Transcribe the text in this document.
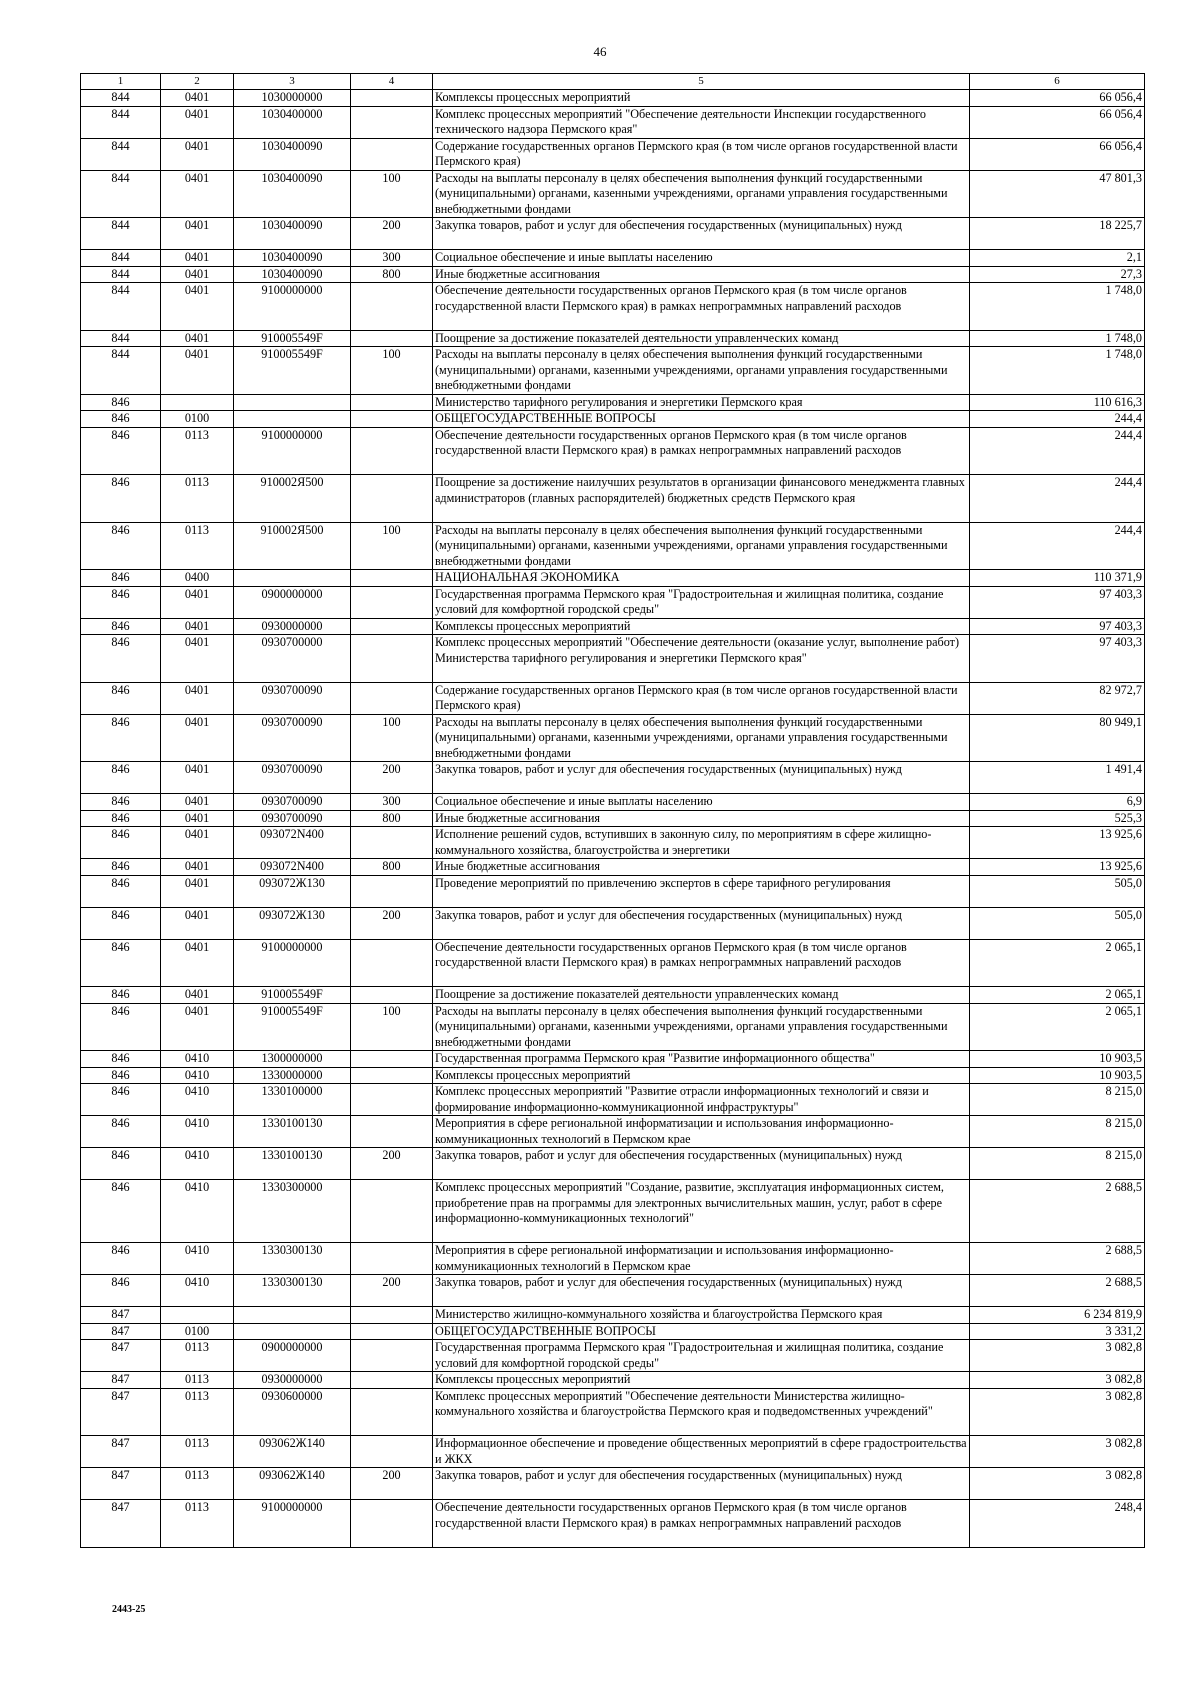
46
1	2	3	4	5	6
844	0401	1030000000		Комплексы процессных мероприятий	66 056,4
844	0401	1030400000		Комплекс процессных мероприятий "Обеспечение деятельности Инспекции государственного технического надзора Пермского края"	66 056,4
844	0401	1030400090		Содержание государственных органов Пермского края (в том числе органов государственной власти Пермского края)	66 056,4
844	0401	1030400090	100	Расходы на выплаты персоналу в целях обеспечения выполнения функций государственными (муниципальными) органами, казенными учреждениями, органами управления государственными внебюджетными фондами	47 801,3
844	0401	1030400090	200	Закупка товаров, работ и услуг для обеспечения государственных (муниципальных) нужд	18 225,7
844	0401	1030400090	300	Социальное обеспечение и иные выплаты населению	2,1
844	0401	1030400090	800	Иные бюджетные ассигнования	27,3
844	0401	9100000000		Обеспечение деятельности государственных органов Пермского края (в том числе органов государственной власти Пермского края) в рамках непрограммных направлений расходов	1 748,0
844	0401	910005549F		Поощрение за достижение показателей деятельности управленческих команд	1 748,0
844	0401	910005549F	100	Расходы на выплаты персоналу в целях обеспечения выполнения функций государственными (муниципальными) органами, казенными учреждениями, органами управления государственными внебюджетными фондами	1 748,0
846				Министерство тарифного регулирования и энергетики Пермского края	110 616,3
846	0100			ОБЩЕГОСУДАРСТВЕННЫЕ ВОПРОСЫ	244,4
846	0113	9100000000		Обеспечение деятельности государственных органов Пермского края (в том числе органов государственной власти Пермского края) в рамках непрограммных направлений расходов	244,4
846	0113	910002Я500		Поощрение за достижение наилучших результатов в организации финансового менеджмента главных администраторов (главных распорядителей) бюджетных средств Пермского края	244,4
846	0113	910002Я500	100	Расходы на выплаты персоналу в целях обеспечения выполнения функций государственными (муниципальными) органами, казенными учреждениями, органами управления государственными внебюджетными фондами	244,4
846	0400			НАЦИОНАЛЬНАЯ ЭКОНОМИКА	110 371,9
846	0401	0900000000		Государственная программа Пермского края "Градостроительная и жилищная политика, создание условий для комфортной городской среды"	97 403,3
846	0401	0930000000		Комплексы процессных мероприятий	97 403,3
846	0401	0930700000		Комплекс процессных мероприятий "Обеспечение деятельности (оказание услуг, выполнение работ) Министерства тарифного регулирования и энергетики Пермского края"	97 403,3
846	0401	0930700090		Содержание государственных органов Пермского края (в том числе органов государственной власти Пермского края)	82 972,7
846	0401	0930700090	100	Расходы на выплаты персоналу в целях обеспечения выполнения функций государственными (муниципальными) органами, казенными учреждениями, органами управления государственными внебюджетными фондами	80 949,1
846	0401	0930700090	200	Закупка товаров, работ и услуг для обеспечения государственных (муниципальных) нужд	1 491,4
846	0401	0930700090	300	Социальное обеспечение и иные выплаты населению	6,9
846	0401	0930700090	800	Иные бюджетные ассигнования	525,3
846	0401	093072N400		Исполнение решений судов, вступивших в законную силу, по мероприятиям в сфере жилищно-коммунального хозяйства, благоустройства и энергетики	13 925,6
846	0401	093072N400	800	Иные бюджетные ассигнования	13 925,6
846	0401	093072Ж130		Проведение мероприятий по привлечению экспертов в сфере тарифного регулирования	505,0
846	0401	093072Ж130	200	Закупка товаров, работ и услуг для обеспечения государственных (муниципальных) нужд	505,0
846	0401	9100000000		Обеспечение деятельности государственных органов Пермского края (в том числе органов государственной власти Пермского края) в рамках непрограммных направлений расходов	2 065,1
846	0401	910005549F		Поощрение за достижение показателей деятельности управленческих команд	2 065,1
846	0401	910005549F	100	Расходы на выплаты персоналу в целях обеспечения выполнения функций государственными (муниципальными) органами, казенными учреждениями, органами управления государственными внебюджетными фондами	2 065,1
846	0410	1300000000		Государственная программа Пермского края "Развитие информационного общества"	10 903,5
846	0410	1330000000		Комплексы процессных мероприятий	10 903,5
846	0410	1330100000		Комплекс процессных мероприятий "Развитие отрасли информационных технологий и связи и формирование информационно-коммуникационной инфраструктуры"	8 215,0
846	0410	1330100130		Мероприятия в сфере региональной информатизации и использования информационно-коммуникационных технологий в Пермском крае	8 215,0
846	0410	1330100130	200	Закупка товаров, работ и услуг для обеспечения государственных (муниципальных) нужд	8 215,0
846	0410	1330300000		Комплекс процессных мероприятий "Создание, развитие, эксплуатация информационных систем, приобретение прав на программы для электронных вычислительных машин, услуг, работ в сфере информационно-коммуникационных технологий"	2 688,5
846	0410	1330300130		Мероприятия в сфере региональной информатизации и использования информационно-коммуникационных технологий в Пермском крае	2 688,5
846	0410	1330300130	200	Закупка товаров, работ и услуг для обеспечения государственных (муниципальных) нужд	2 688,5
847				Министерство жилищно-коммунального хозяйства и благоустройства Пермского края	6 234 819,9
847	0100			ОБЩЕГОСУДАРСТВЕННЫЕ ВОПРОСЫ	3 331,2
847	0113	0900000000		Государственная программа Пермского края "Градостроительная и жилищная политика, создание условий для комфортной городской среды"	3 082,8
847	0113	0930000000		Комплексы процессных мероприятий	3 082,8
847	0113	0930600000		Комплекс процессных мероприятий "Обеспечение деятельности Министерства жилищно-коммунального хозяйства и благоустройства Пермского края и подведомственных учреждений"	3 082,8
847	0113	093062Ж140		Информационное обеспечение и проведение общественных мероприятий в сфере градостроительства и ЖКХ	3 082,8
847	0113	093062Ж140	200	Закупка товаров, работ и услуг для обеспечения государственных (муниципальных) нужд	3 082,8
847	0113	9100000000		Обеспечение деятельности государственных органов Пермского края (в том числе органов государственной власти Пермского края) в рамках непрограммных направлений расходов	248,4
2443-25
